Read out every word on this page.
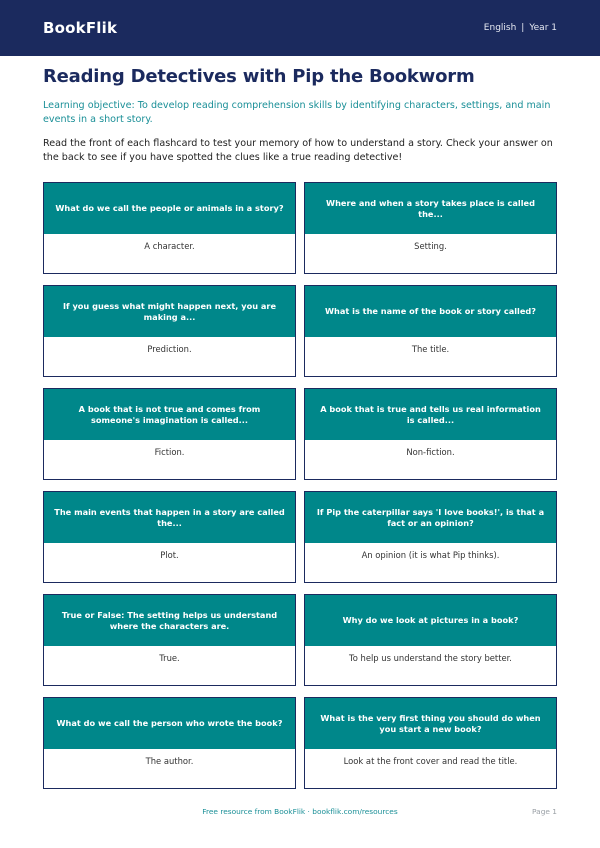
BookFlik	English | Year 1
Reading Detectives with Pip the Bookworm

Learning objective: To develop reading comprehension skills by identifying characters, settings, and main events in a short story.

Read the front of each flashcard to test your memory of how to understand a story. Check your answer on the back to see if you have spotted the clues like a true reading detective!

What do we call the people or animals in a story?
A character.
Where and when a story takes place is called the...
Setting.
If you guess what might happen next, you are making a...
Prediction.
What is the name of the book or story called?
The title.
A book that is not true and comes from someone's imagination is called...
Fiction.
A book that is true and tells us real information is called...
Non-fiction.
The main events that happen in a story are called the...
Plot.
If Pip the caterpillar says 'I love books!', is that a fact or an opinion?
An opinion (it is what Pip thinks).
True or False: The setting helps us understand where the characters are.
True.
Why do we look at pictures in a book?
To help us understand the story better.
What do we call the person who wrote the book?
The author.
What is the very first thing you should do when you start a new book?
Look at the front cover and read the title.
Free resource from BookFlik · bookflik.com/resources	Page 1
